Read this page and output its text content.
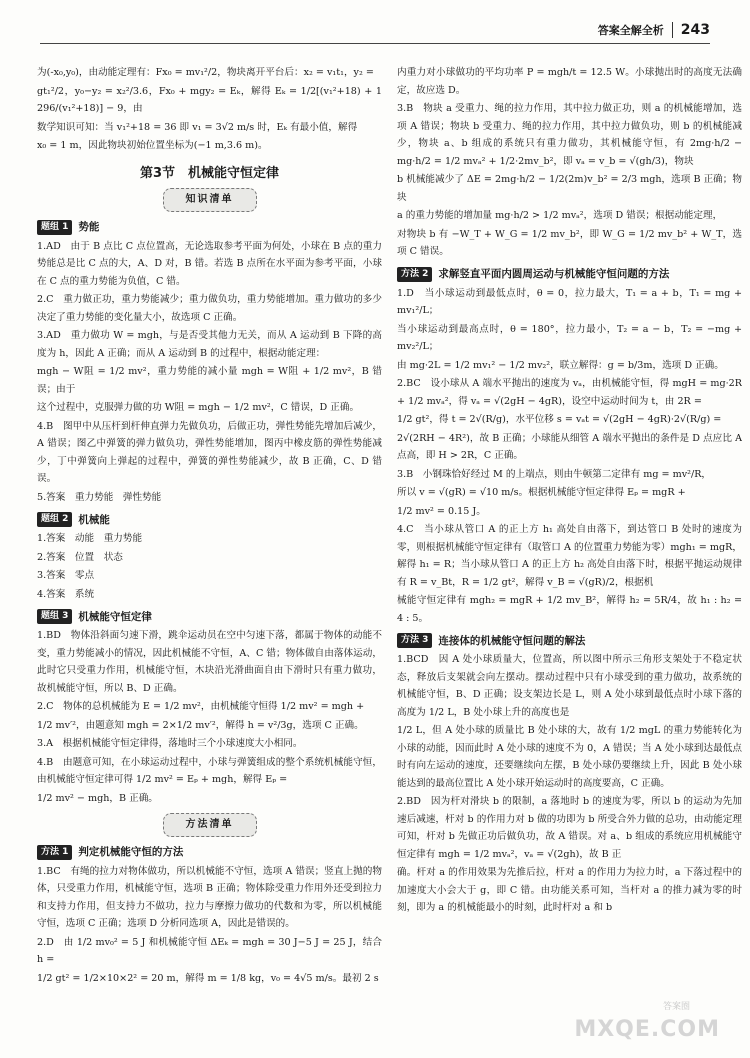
答案全解全析 243

为(-x₀,y₀)，由动能定理有：Fx₀ = mv₁²/2，物块离开平台后：x₂ = v₁t₁，y₂ =

gt₁²/2，y₀−y₂ = x₂²/3.6，Fx₀ + mgy₂ = Eₖ，解得 Eₖ = 1/2[(v₁²+18) + 1 296/(v₁²+18)] − 9，由

数学知识可知：当 v₁²+18 = 36 即 v₁ = 3√2 m/s 时，Eₖ 有最小值，解得

x₀ = 1 m，因此物块初始位置坐标为(−1 m,3.6 m)。

第3节　机械能守恒定律
知识清单
题组 1 势能

1.AD　由于 B 点比 C 点位置高，无论选取参考平面为何处，小球在 B 点的重力势能总是比 C 点的大，A、D 对，B 错。若选 B 点所在水平面为参考平面，小球在 C 点的重力势能为负值，C 错。

2.C　重力做正功，重力势能减少；重力做负功，重力势能增加。重力做功的多少决定了重力势能的变化量大小，故选项 C 正确。

3.AD　重力做功 W = mgh，与是否受其他力无关，而从 A 运动到 B 下降的高度为 h，因此 A 正确；而从 A 运动到 B 的过程中，根据动能定理：

mgh − W阻 = 1/2 mv²，重力势能的减小量 mgh = W阻 + 1/2 mv²，B 错误；由于

这个过程中，克服弹力做的功 W阻 = mgh − 1/2 mv²，C 错误，D 正确。

4.B　图甲中从压杆到杆伸直弹力先做负功，后做正功，弹性势能先增加后减少，A 错误；图乙中弹簧的弹力做负功，弹性势能增加，图丙中橡皮筋的弹性势能减少，丁中弹簧向上弹起的过程中，弹簧的弹性势能减少，故 B 正确，C、D 错误。

5.答案　重力势能　弹性势能

题组 2 机械能

1.答案　动能　重力势能

2.答案　位置　状态

3.答案　零点

4.答案　系统

题组 3 机械能守恒定律

1.BD　物体沿斜面匀速下滑，跳伞运动员在空中匀速下落，都属于物体的动能不变，重力势能减小的情况，因此机械能不守恒，A、C 错；物体做自由落体运动，此时它只受重力作用，机械能守恒，木块沿光滑曲面自由下滑时只有重力做功，故机械能守恒，所以 B、D 正确。

2.C　物体的总机械能为 E = 1/2 mv²，由机械能守恒得 1/2 mv² = mgh +

1/2 mv′²，由题意知 mgh = 2×1/2 mv′²，解得 h = v²/3g，选项 C 正确。

3.A　根据机械能守恒定律得，落地时三个小球速度大小相同。

4.B　由题意可知，在小球运动过程中，小球与弹簧组成的整个系统机械能守恒，由机械能守恒定律可得 1/2 mv² = Eₚ + mgh，解得 Eₚ =

1/2 mv² − mgh，B 正确。

方法清单
方法 1 判定机械能守恒的方法

1.BC　有绳的拉力对物体做功，所以机械能不守恒，选项 A 错误；竖直上抛的物体，只受重力作用，机械能守恒，选项 B 正确；物体除受重力作用外还受到拉力和支持力作用，但支持力不做功，拉力与摩擦力做功的代数和为零，所以机械能守恒，选项 C 正确；选项 D 分析同选项 A，因此是错误的。

2.D　由 1/2 mv₀² = 5 J 和机械能守恒 ΔEₖ = mgh = 30 J−5 J = 25 J，结合 h =

1/2 gt² = 1/2×10×2² = 20 m，解得 m = 1/8 kg，v₀ = 4√5 m/s。最初 2 s

内重力对小球做功的平均功率 P = mgh/t = 12.5 W。小球抛出时的高度无法确定，故应选 D。

3.B　物块 a 受重力、绳的拉力作用，其中拉力做正功，则 a 的机械能增加，选项 A 错误；物块 b 受重力、绳的拉力作用，其中拉力做负功，则 b 的机械能减少，物块 a、b 组成的系统只有重力做功，其机械能守恒，有 2mg·h/2 − mg·h/2 = 1/2 mvₐ² + 1/2·2mv_b²，即 vₐ = v_b = √(gh/3)，物块

b 机械能减少了 ΔE = 2mg·h/2 − 1/2(2m)v_b² = 2/3 mgh，选项 B 正确；物块

a 的重力势能的增加量 mg·h/2 > 1/2 mvₐ²，选项 D 错误；根据动能定理，

对物块 b 有 −W_T + W_G = 1/2 mv_b²，即 W_G = 1/2 mv_b² + W_T，选项 C 错误。

方法 2 求解竖直平面内圆周运动与机械能守恒问题的方法

1.D　当小球运动到最低点时，θ = 0，拉力最大，T₁ = a + b，T₁ = mg + mv₁²/L；

当小球运动到最高点时，θ = 180°，拉力最小，T₂ = a − b，T₂ = −mg + mv₂²/L；

由 mg·2L = 1/2 mv₁² − 1/2 mv₂²，联立解得：g = b/3m，选项 D 正确。

2.BC　设小球从 A 端水平抛出的速度为 vₐ，由机械能守恒，得 mgH = mg·2R + 1/2 mvₐ²，得 vₐ = √(2gH − 4gR)，设空中运动时间为 t，由 2R =

1/2 gt²，得 t = 2√(R/g)，水平位移 s = vₐt = √(2gH − 4gR)·2√(R/g) =

2√(2RH − 4R²)，故 B 正确；小球能从细管 A 端水平抛出的条件是 D 点应比 A 点高，即 H > 2R，C 正确。

3.B　小钢珠恰好经过 M 的上端点，则由牛顿第二定律有 mg = mv²/R，

所以 v = √(gR) = √10 m/s。根据机械能守恒定律得 Eₚ = mgR +

1/2 mv² = 0.15 J。

4.C　当小球从管口 A 的正上方 h₁ 高处自由落下，到达管口 B 处时的速度为零，则根据机械能守恒定律有（取管口 A 的位置重力势能为零）mgh₁ = mgR，解得 h₁ = R；当小球从管口 A 的正上方 h₂ 高处自由落下时，根据平抛运动规律有 R = v_Bt，R = 1/2 gt²，解得 v_B = √(gR)/2，根据机

械能守恒定律有 mgh₂ = mgR + 1/2 mv_B²，解得 h₂ = 5R/4，故 h₁ : h₂ = 4 : 5。

方法 3 连接体的机械能守恒问题的解法

1.BCD　因 A 处小球质量大，位置高，所以图中所示三角形支架处于不稳定状态，释放后支架就会向左摆动。摆动过程中只有小球受到的重力做功，故系统的机械能守恒，B、D 正确；设支架边长是 L，则 A 处小球到最低点时小球下落的高度为 1/2 L，B 处小球上升的高度也是

1/2 L，但 A 处小球的质量比 B 处小球的大，故有 1/2 mgL 的重力势能转化为小球的动能，因而此时 A 处小球的速度不为 0，A 错误；当 A 处小球到达最低点时有向左运动的速度，还要继续向左摆，B 处小球仍要继续上升，因此 B 处小球能达到的最高位置比 A 处小球开始运动时的高度要高，C 正确。

2.BD　因为杆对滑块 b 的限制，a 落地时 b 的速度为零，所以 b 的运动为先加速后减速，杆对 b 的作用力对 b 做的功即为 b 所受合外力做的总功，由动能定理可知，杆对 b 先做正功后做负功，故 A 错误。对 a、b 组成的系统应用机械能守恒定律有 mgh = 1/2 mvₐ²，vₐ = √(2gh)，故 B 正

确。杆对 a 的作用效果为先推后拉，杆对 a 的作用力为拉力时，a 下落过程中的加速度大小会大于 g，即 C 错。由功能关系可知，当杆对 a 的推力减为零的时刻，即为 a 的机械能最小的时刻，此时杆对 a 和 b

答案圈
MXQE.COM
